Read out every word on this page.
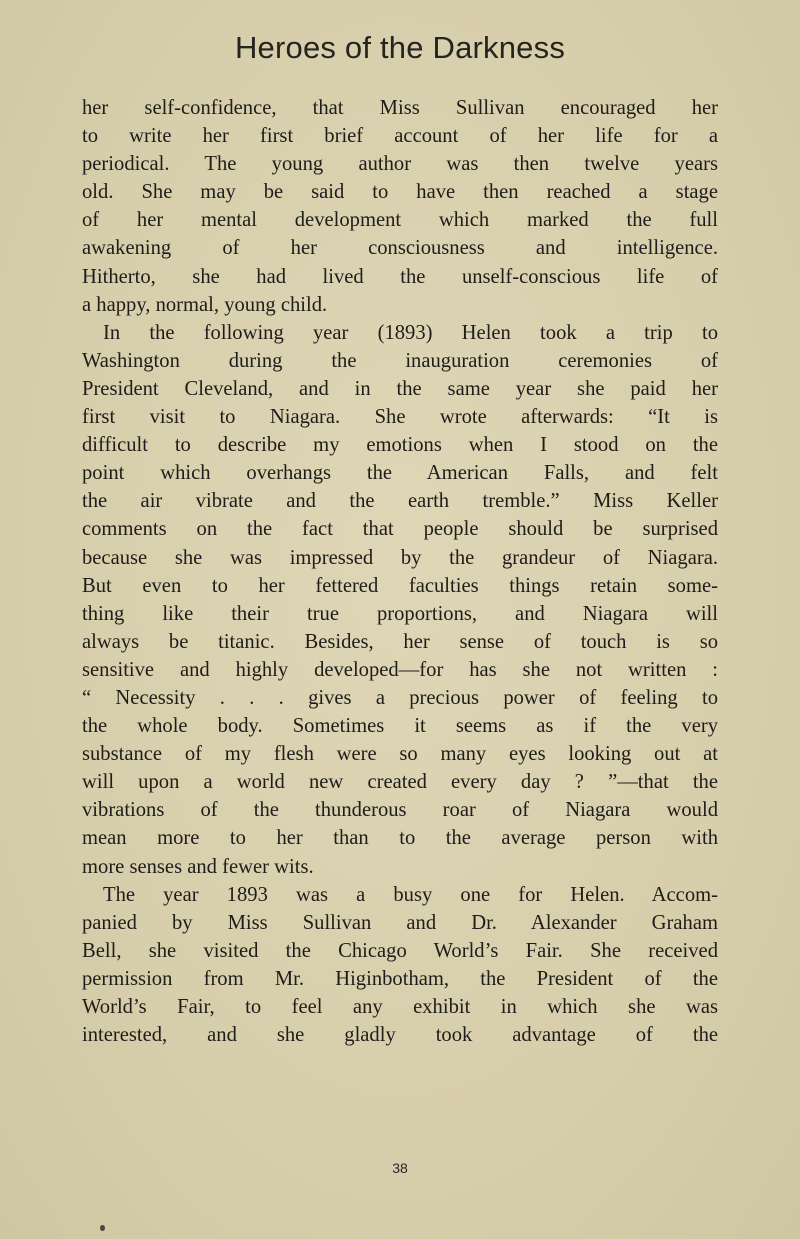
Heroes of the Darkness
her self-confidence, that Miss Sullivan encouraged her
to write her first brief account of her life for a
periodical. The young author was then twelve years
old. She may be said to have then reached a stage
of her mental development which marked the full
awakening of her consciousness and intelligence.
Hitherto, she had lived the unself-conscious life of
a happy, normal, young child.
In the following year (1893) Helen took a trip to
Washington during the inauguration ceremonies of
President Cleveland, and in the same year she paid her
first visit to Niagara. She wrote afterwards: “It is
difficult to describe my emotions when I stood on the
point which overhangs the American Falls, and felt
the air vibrate and the earth tremble.” Miss Keller
comments on the fact that people should be surprised
because she was impressed by the grandeur of Niagara.
But even to her fettered faculties things retain some-
thing like their true proportions, and Niagara will
always be titanic. Besides, her sense of touch is so
sensitive and highly developed—for has she not written :
“ Necessity . . . gives a precious power of feeling to
the whole body. Sometimes it seems as if the very
substance of my flesh were so many eyes looking out at
will upon a world new created every day ? ”—that the
vibrations of the thunderous roar of Niagara would
mean more to her than to the average person with
more senses and fewer wits.
The year 1893 was a busy one for Helen. Accom-
panied by Miss Sullivan and Dr. Alexander Graham
Bell, she visited the Chicago World’s Fair. She received
permission from Mr. Higinbotham, the President of the
World’s Fair, to feel any exhibit in which she was
interested, and she gladly took advantage of the
38
